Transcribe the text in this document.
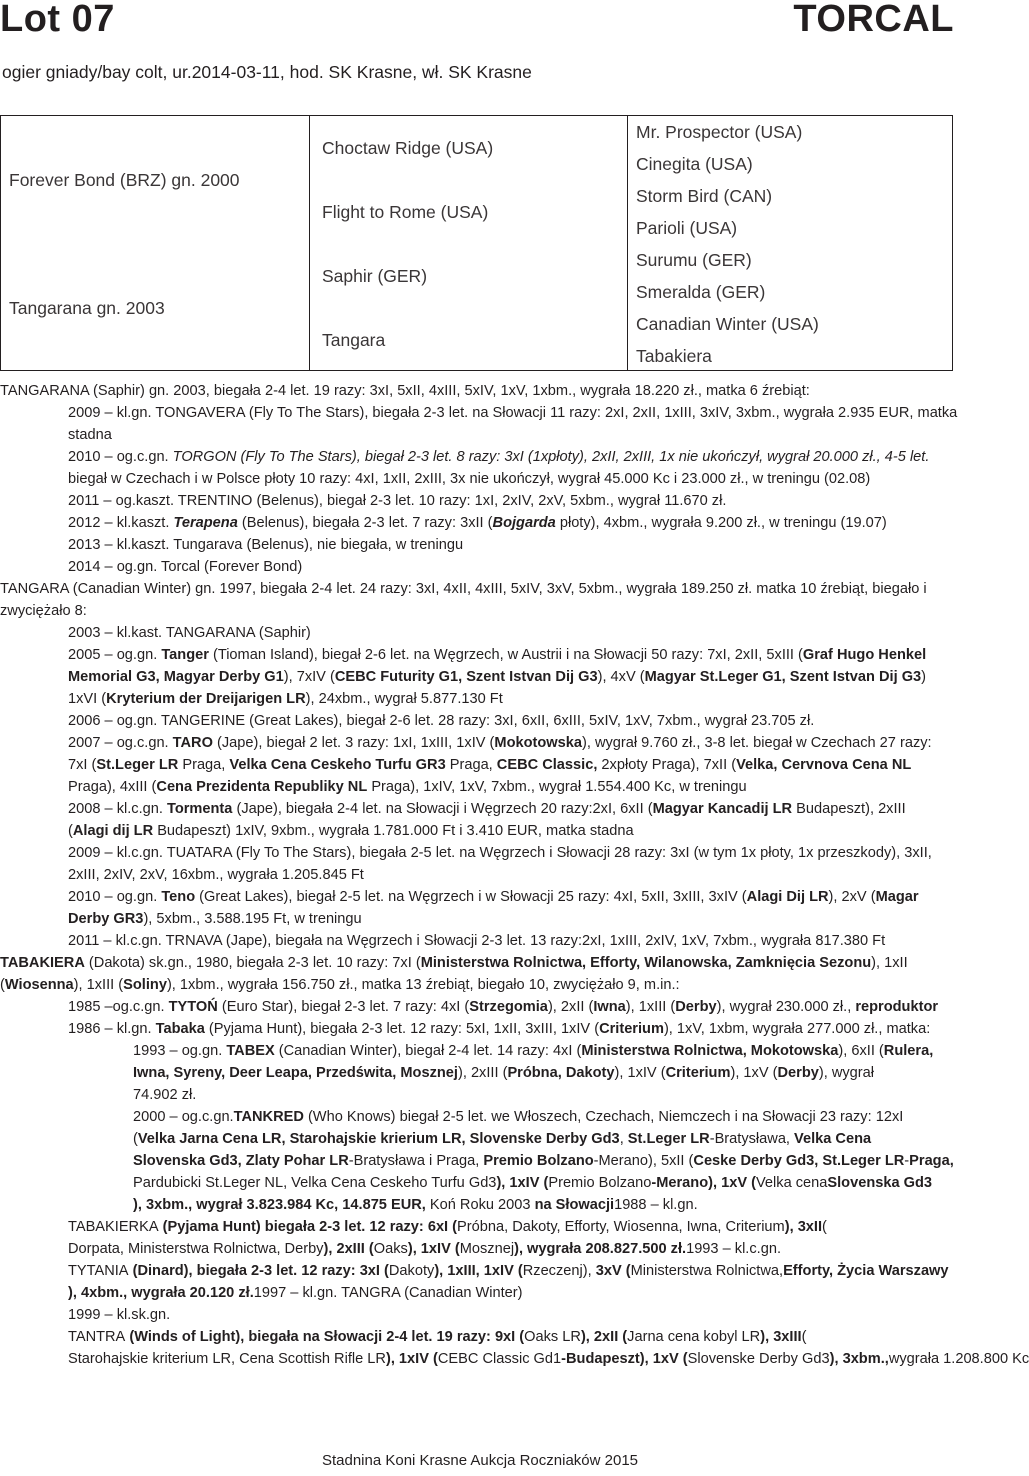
Lot 07	TORCAL
ogier gniady/bay colt, ur.2014-03-11, hod. SK Krasne, wł. SK Krasne
Forever Bond (BRZ) gn. 2000
Tangarana gn. 2003
Choctaw Ridge (USA)
Flight to Rome (USA)
Saphir (GER)
Tangara
Mr. Prospector (USA)
Cinegita (USA)
Storm Bird (CAN)
Parioli (USA)
Surumu (GER)
Smeralda (GER)
Canadian Winter (USA)
Tabakiera
TANGARANA (Saphir) gn. 2003, biegała 2-4 let. 19 razy: 3xI, 5xII, 4xIII, 5xIV, 1xV, 1xbm., wygrała 18.220 zł., matka 6 źrebiąt:
2009 – kl.gn. TONGAVERA (Fly To The Stars), biegała 2-3 let. na Słowacji 11 razy: 2xI, 2xII, 1xIII, 3xIV, 3xbm., wygrała 2.935 EUR, matka
stadna
2010 – og.c.gn. TORGON (Fly To The Stars), biegał 2-3 let. 8 razy: 3xI (1xpłoty), 2xII, 2xIII, 1x nie ukończył, wygrał 20.000 zł., 4-5 let.
biegał w Czechach i w Polsce płoty 10 razy: 4xI, 1xII, 2xIII, 3x nie ukończył, wygrał 45.000 Kc i 23.000 zł., w treningu (02.08)
2011 – og.kaszt. TRENTINO (Belenus), biegał 2-3 let. 10 razy: 1xI, 2xIV, 2xV, 5xbm., wygrał 11.670 zł.
2012 – kl.kaszt. Terapena (Belenus), biegała 2-3 let. 7 razy: 3xII (Bojgarda płoty), 4xbm., wygrała 9.200 zł., w treningu (19.07)
2013 – kl.kaszt. Tungarava (Belenus), nie biegała, w treningu
2014 – og.gn. Torcal (Forever Bond)
TANGARA (Canadian Winter) gn. 1997, biegała 2-4 let. 24 razy: 3xI, 4xII, 4xIII, 5xIV, 3xV, 5xbm., wygrała 189.250 zł. matka 10 źrebiąt, biegało i
zwyciężało 8:
2003 – kl.kast. TANGARANA (Saphir)
2005 – og.gn. Tanger (Tioman Island), biegał 2-6 let. na Węgrzech, w Austrii i na Słowacji 50 razy: 7xI, 2xII, 5xIII (Graf Hugo Henkel
Memorial G3, Magyar Derby G1), 7xIV (CEBC Futurity G1, Szent Istvan Dij G3), 4xV (Magyar St.Leger G1, Szent Istvan Dij G3)
1xVI (Kryterium der Dreijarigen LR), 24xbm., wygrał 5.877.130 Ft
2006 – og.gn. TANGERINE (Great Lakes), biegał 2-6 let. 28 razy: 3xI, 6xII, 6xIII, 5xIV, 1xV, 7xbm., wygrał 23.705 zł.
2007 – og.c.gn. TARO (Jape), biegał 2 let. 3 razy: 1xI, 1xIII, 1xIV (Mokotowska), wygrał 9.760 zł., 3-8 let. biegał w Czechach 27 razy:
7xI (St.Leger LR Praga, Velka Cena Ceskeho Turfu GR3 Praga, CEBC Classic, 2xpłoty Praga), 7xII (Velka, Cervnova Cena NL
Praga), 4xIII (Cena Prezidenta Republiky NL Praga), 1xIV, 1xV, 7xbm., wygrał 1.554.400 Kc, w treningu
2008 – kl.c.gn. Tormenta (Jape), biegała 2-4 let. na Słowacji i Węgrzech 20 razy:2xI, 6xII (Magyar Kancadij LR Budapeszt), 2xIII
(Alagi dij LR Budapeszt) 1xIV, 9xbm., wygrała 1.781.000 Ft i 3.410 EUR, matka stadna
2009 – kl.c.gn. TUATARA (Fly To The Stars), biegała 2-5 let. na Węgrzech i Słowacji 28 razy: 3xI (w tym 1x płoty, 1x przeszkody), 3xII,
2xIII, 2xIV, 2xV, 16xbm., wygrała 1.205.845 Ft
2010 – og.gn. Teno (Great Lakes), biegał 2-5 let. na Węgrzech i w Słowacji 25 razy: 4xI, 5xII, 3xIII, 3xIV (Alagi Dij LR), 2xV (Magar
Derby GR3), 5xbm., 3.588.195 Ft, w treningu
2011 – kl.c.gn. TRNAVA (Jape), biegała na Węgrzech i Słowacji 2-3 let. 13 razy:2xI, 1xIII, 2xIV, 1xV, 7xbm., wygrała 817.380 Ft
TABAKIERA (Dakota) sk.gn., 1980, biegała 2-3 let. 10 razy: 7xI (Ministerstwa Rolnictwa, Efforty, Wilanowska, Zamknięcia Sezonu), 1xII
(Wiosenna), 1xIII (Soliny), 1xbm., wygrała 156.750 zł., matka 13 źrebiąt, biegało 10, zwyciężało 9, m.in.:
1985 –og.c.gn. TYTOŃ (Euro Star), biegał 2-3 let. 7 razy: 4xI (Strzegomia), 2xII (Iwna), 1xIII (Derby), wygrał 230.000 zł., reproduktor
1986 – kl.gn. Tabaka (Pyjama Hunt), biegała 2-3 let. 12 razy: 5xI, 1xII, 3xIII, 1xIV (Criterium), 1xV, 1xbm, wygrała 277.000 zł., matka:
1993 – og.gn. TABEX (Canadian Winter), biegał 2-4 let. 14 razy: 4xI (Ministerstwa Rolnictwa, Mokotowska), 6xII (Rulera,
Iwna, Syreny, Deer Leapa, Przedświta, Mosznej), 2xIII (Próbna, Dakoty), 1xIV (Criterium), 1xV (Derby), wygrał
74.902 zł.
2000 – og.c.gn.TANKRED (Who Knows) biegał 2-5 let. we Włoszech, Czechach, Niemczech i na Słowacji 23 razy: 12xI
(Velka Jarna Cena LR, Starohajskie krierium LR, Slovenske Derby Gd3, St.Leger LR-Bratysława, Velka Cena
Slovenska Gd3, Zlaty Pohar LR-Bratysława i Praga, Premio Bolzano-Merano), 5xII (Ceske Derby Gd3, St.Leger LR-Praga,
Pardubicki St.Leger NL, Velka Cena Ceskeho Turfu Gd3), 1xIV (Premio Bolzano-Merano), 1xV (Velka cenaSlovenska Gd3
), 3xbm., wygrał 3.823.984 Kc, 14.875 EUR, Koń Roku 2003 na Słowacji1988 – kl.gn.
TABAKIERKA (Pyjama Hunt) biegała 2-3 let. 12 razy: 6xI (Próbna, Dakoty, Efforty, Wiosenna, Iwna, Criterium), 3xII(
Dorpata, Ministerstwa Rolnictwa, Derby), 2xIII (Oaks), 1xIV (Mosznej), wygrała 208.827.500 zł.1993 – kl.c.gn.
TYTANIA (Dinard), biegała 2-3 let. 12 razy: 3xI (Dakoty), 1xIII, 1xIV (Rzeczenj), 3xV (Ministerstwa Rolnictwa,Efforty, Życia Warszawy
), 4xbm., wygrała 20.120 zł.1997 – kl.gn. TANGRA (Canadian Winter)
1999 – kl.sk.gn.
TANTRA (Winds of Light), biegała na Słowacji 2-4 let. 19 razy: 9xI (Oaks LR), 2xII (Jarna cena kobyl LR), 3xIII(
Starohajskie kriterium LR, Cena Scottish Rifle LR), 1xIV (CEBC Classic Gd1-Budapeszt), 1xV (Slovenske Derby Gd3), 3xbm.,wygrała 1.208.800 Kc
Stadnina Koni Krasne Aukcja Roczniaków 2015
